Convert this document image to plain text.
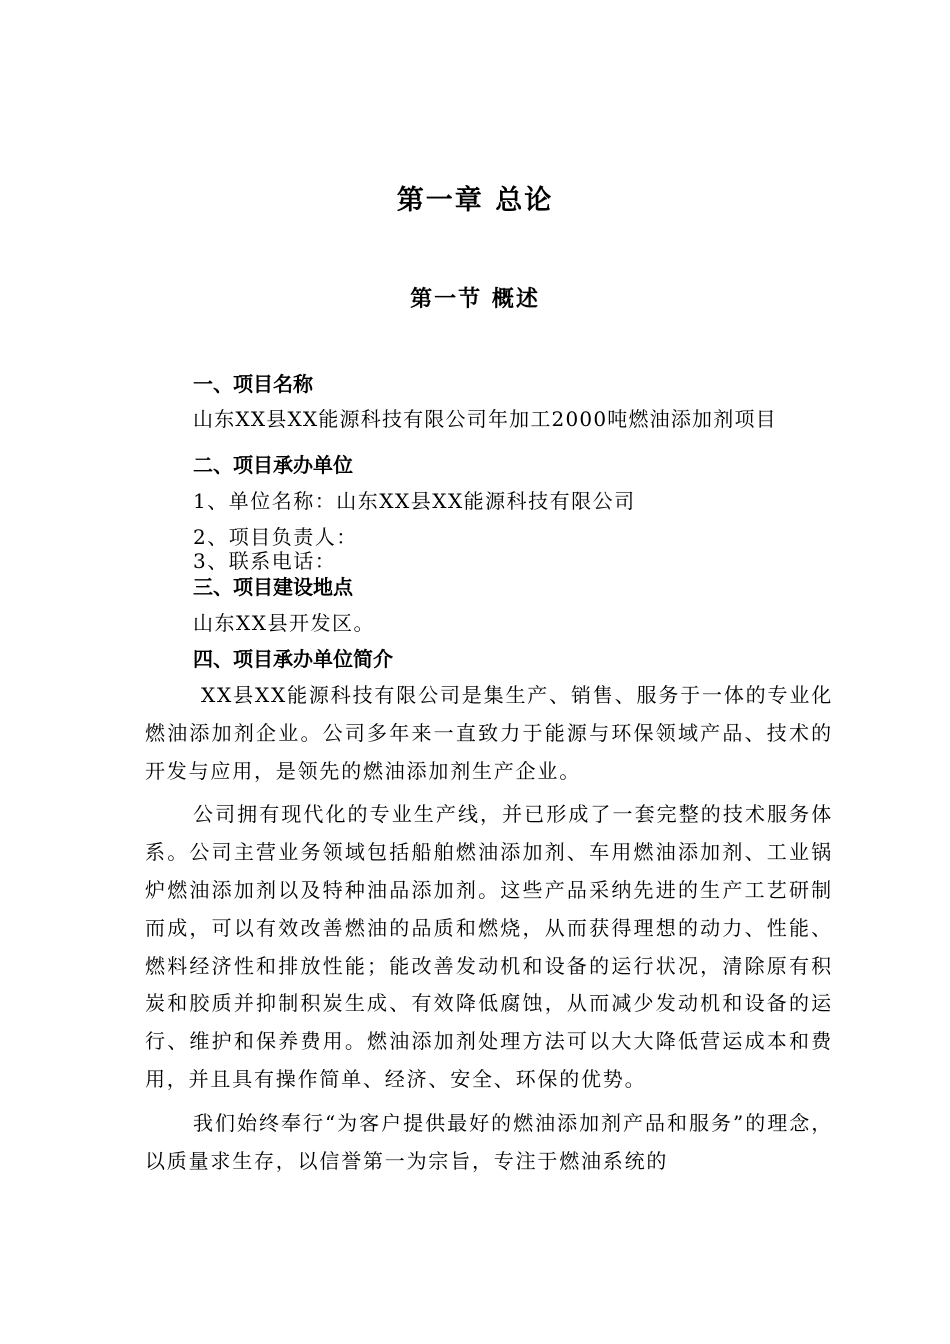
第一章 总论
第一节 概述
一、项目名称

山东XX县XX能源科技有限公司年加工2000吨燃油添加剂项目

二、项目承办单位
1、单位名称：山东XX县XX能源科技有限公司
2、项目负责人：
3、联系电话：
三、项目建设地点
山东XX县开发区。
四、项目承办单位简介

XX县XX能源科技有限公司是集生产、销售、服务于一体的专业化燃油添加剂企业。公司多年来一直致力于能源与环保领域产品、技术的开发与应用，是领先的燃油添加剂生产企业。

公司拥有现代化的专业生产线，并已形成了一套完整的技术服务体系。公司主营业务领域包括船舶燃油添加剂、车用燃油添加剂、工业锅炉燃油添加剂以及特种油品添加剂。这些产品采纳先进的生产工艺研制而成，可以有效改善燃油的品质和燃烧，从而获得理想的动力、性能、燃料经济性和排放性能；能改善发动机和设备的运行状况，清除原有积炭和胶质并抑制积炭生成、有效降低腐蚀，从而减少发动机和设备的运行、维护和保养费用。燃油添加剂处理方法可以大大降低营运成本和费用，并且具有操作简单、经济、安全、环保的优势。

我们始终奉行“为客户提供最好的燃油添加剂产品和服务”的理念，以质量求生存，以信誉第一为宗旨，专注于燃油系统的
